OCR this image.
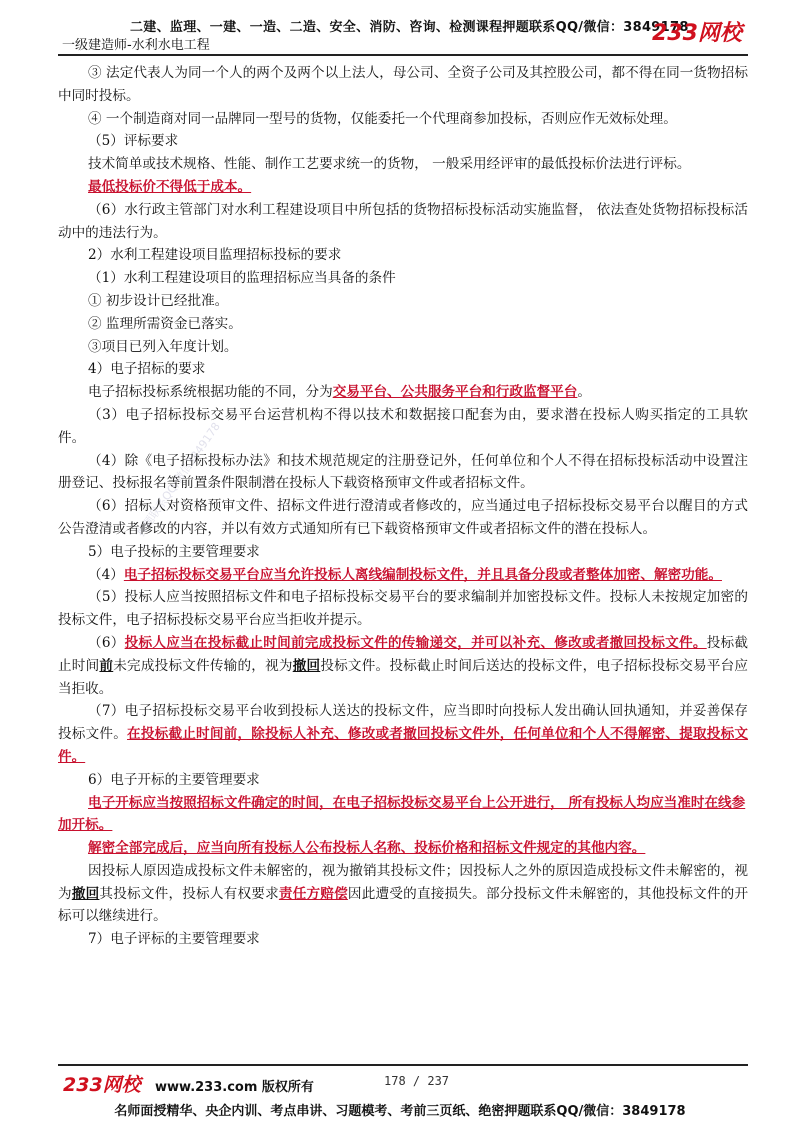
二建、监理、一建、一造、二造、安全、消防、咨询、检测课程押题联系QQ/微信：3849178
一级建造师-水利水电工程	233网校
押题联系QQ/微信3849178

③ 法定代表人为同一个人的两个及两个以上法人，母公司、全资子公司及其控股公司，都不得在同一货物招标中同时投标。

④ 一个制造商对同一品牌同一型号的货物，仅能委托一个代理商参加投标，否则应作无效标处理。

（5）评标要求

技术简单或技术规格、性能、制作工艺要求统一的货物， 一般采用经评审的最低投标价法进行评标。

最低投标价不得低于成本。

（6）水行政主管部门对水利工程建设项目中所包括的货物招标投标活动实施监督， 依法查处货物招标投标活动中的违法行为。

2）水利工程建设项目监理招标投标的要求

（1）水利工程建设项目的监理招标应当具备的条件

① 初步设计已经批准。

② 监理所需资金已落实。

③项目已列入年度计划。

4）电子招标的要求

电子招标投标系统根据功能的不同，分为交易平台、公共服务平台和行政监督平台。

（3）电子招标投标交易平台运营机构不得以技术和数据接口配套为由，要求潜在投标人购买指定的工具软件。

（4）除《电子招标投标办法》和技术规范规定的注册登记外，任何单位和个人不得在招标投标活动中设置注册登记、投标报名等前置条件限制潜在投标人下载资格预审文件或者招标文件。

（6）招标人对资格预审文件、招标文件进行澄清或者修改的，应当通过电子招标投标交易平台以醒目的方式公告澄清或者修改的内容，并以有效方式通知所有已下载资格预审文件或者招标文件的潜在投标人。

5）电子投标的主要管理要求

（4）电子招标投标交易平台应当允许投标人离线编制投标文件，并且具备分段或者整体加密、解密功能。

（5）投标人应当按照招标文件和电子招标投标交易平台的要求编制并加密投标文件。投标人未按规定加密的投标文件，电子招标投标交易平台应当拒收并提示。

（6）投标人应当在投标截止时间前完成投标文件的传输递交，并可以补充、修改或者撤回投标文件。投标截止时间前未完成投标文件传输的，视为撤回投标文件。投标截止时间后送达的投标文件，电子招标投标交易平台应当拒收。

（7）电子招标投标交易平台收到投标人送达的投标文件，应当即时向投标人发出确认回执通知，并妥善保存投标文件。在投标截止时间前，除投标人补充、修改或者撤回投标文件外，任何单位和个人不得解密、提取投标文件。

6）电子开标的主要管理要求

电子开标应当按照招标文件确定的时间，在电子招标投标交易平台上公开进行， 所有投标人均应当准时在线参加开标。

解密全部完成后，应当向所有投标人公布投标人名称、投标价格和招标文件规定的其他内容。

因投标人原因造成投标文件未解密的，视为撤销其投标文件；因投标人之外的原因造成投标文件未解密的，视为撤回其投标文件，投标人有权要求责任方赔偿因此遭受的直接损失。部分投标文件未解密的，其他投标文件的开标可以继续进行。

7）电子评标的主要管理要求

233网校 www.233.com 版权所有	178 / 237
名师面授精华、央企内训、考点串讲、习题模考、考前三页纸、绝密押题联系QQ/微信：3849178
